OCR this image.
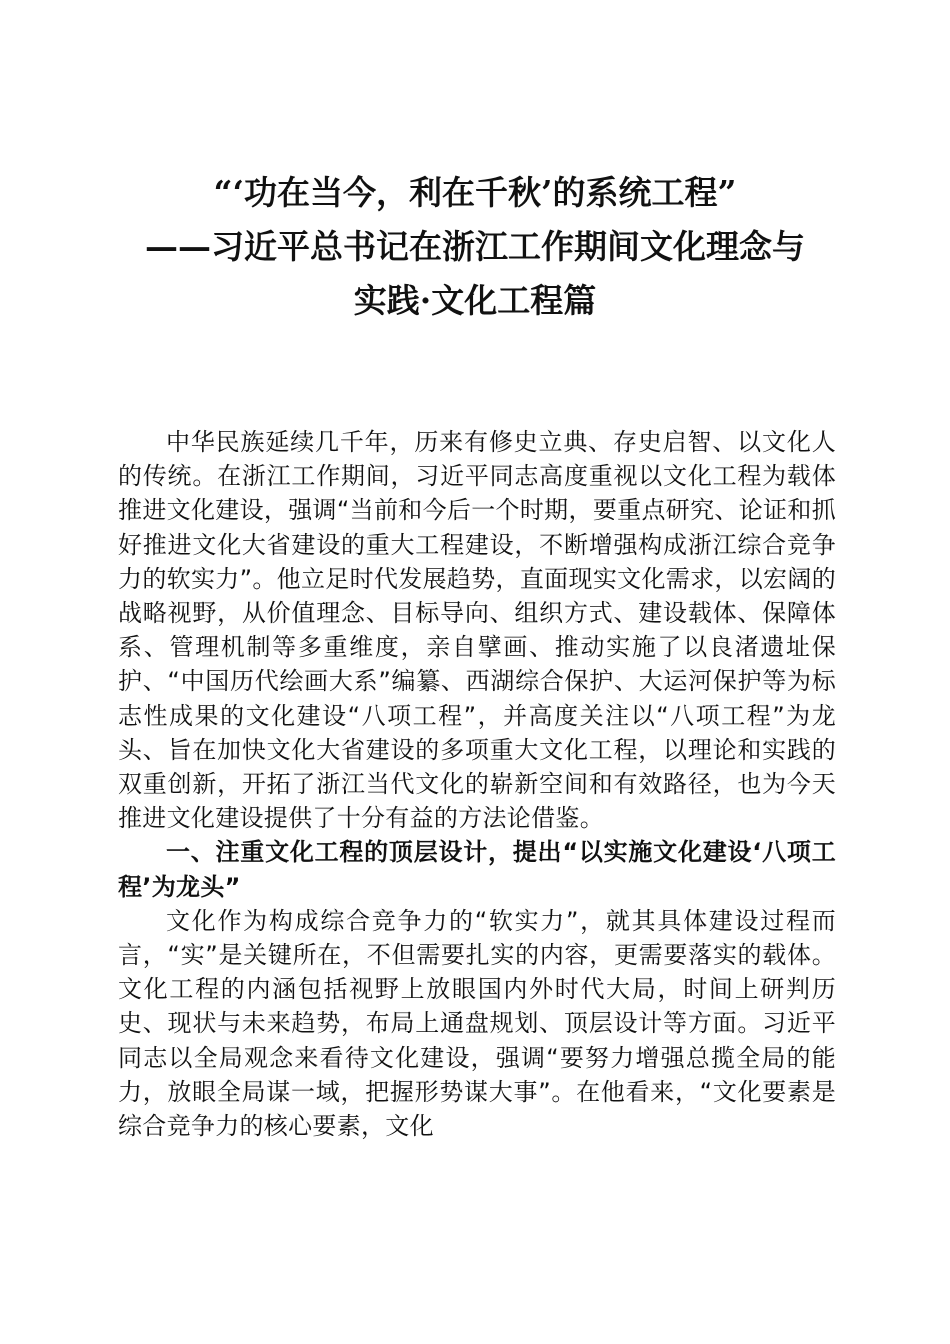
“‘功在当今，利在千秋’的系统工程”
——习近平总书记在浙江工作期间文化理念与
实践·文化工程篇

中华民族延续几千年，历来有修史立典、存史启智、以文化人的传统。在浙江工作期间，习近平同志高度重视以文化工程为载体推进文化建设，强调“当前和今后一个时期，要重点研究、论证和抓好推进文化大省建设的重大工程建设，不断增强构成浙江综合竞争力的软实力”。他立足时代发展趋势，直面现实文化需求，以宏阔的战略视野，从价值理念、目标导向、组织方式、建设载体、保障体系、管理机制等多重维度，亲自擘画、推动实施了以良渚遗址保护、“中国历代绘画大系”编纂、西湖综合保护、大运河保护等为标志性成果的文化建设“八项工程”，并高度关注以“八项工程”为龙头、旨在加快文化大省建设的多项重大文化工程，以理论和实践的双重创新，开拓了浙江当代文化的崭新空间和有效路径，也为今天推进文化建设提供了十分有益的方法论借鉴。

一、注重文化工程的顶层设计，提出“以实施文化建设‘八项工程’为龙头”

文化作为构成综合竞争力的“软实力”，就其具体建设过程而言，“实”是关键所在，不但需要扎实的内容，更需要落实的载体。文化工程的内涵包括视野上放眼国内外时代大局，时间上研判历史、现状与未来趋势，布局上通盘规划、顶层设计等方面。习近平同志以全局观念来看待文化建设，强调“要努力增强总揽全局的能力，放眼全局谋一域，把握形势谋大事”。在他看来，“文化要素是综合竞争力的核心要素，文化
